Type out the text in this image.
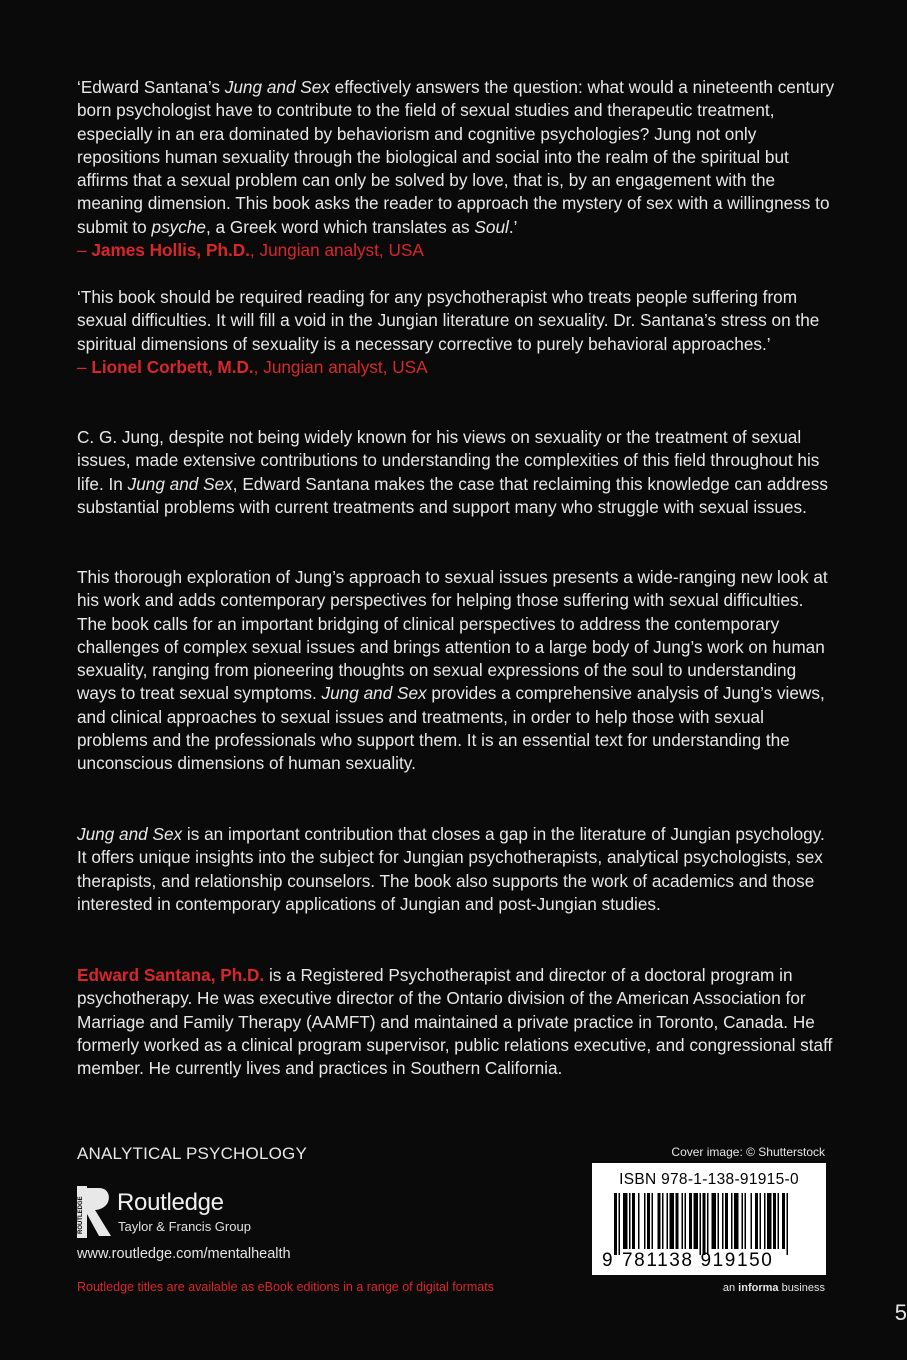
‘Edward Santana’s Jung and Sex effectively answers the question: what would a nineteenth century born psychologist have to contribute to the field of sexual studies and therapeutic treatment, especially in an era dominated by behaviorism and cognitive psychologies? Jung not only repositions human sexuality through the biological and social into the realm of the spiritual but affirms that a sexual problem can only be solved by love, that is, by an engagement with the meaning dimension. This book asks the reader to approach the mystery of sex with a willingness to submit to psyche, a Greek word which translates as Soul.’

– James Hollis, Ph.D., Jungian analyst, USA

‘This book should be required reading for any psychotherapist who treats people suffering from sexual difficulties. It will fill a void in the Jungian literature on sexuality. Dr. Santana’s stress on the spiritual dimensions of sexuality is a necessary corrective to purely behavioral approaches.’

– Lionel Corbett, M.D., Jungian analyst, USA

C. G. Jung, despite not being widely known for his views on sexuality or the treatment of sexual issues, made extensive contributions to understanding the complexities of this field throughout his life. In Jung and Sex, Edward Santana makes the case that reclaiming this knowledge can address substantial problems with current treatments and support many who struggle with sexual issues.

This thorough exploration of Jung’s approach to sexual issues presents a wide-ranging new look at his work and adds contemporary perspectives for helping those suffering with sexual difficulties. The book calls for an important bridging of clinical perspectives to address the contemporary challenges of complex sexual issues and brings attention to a large body of Jung’s work on human sexuality, ranging from pioneering thoughts on sexual expressions of the soul to understanding ways to treat sexual symptoms. Jung and Sex provides a comprehensive analysis of Jung’s views, and clinical approaches to sexual issues and treatments, in order to help those with sexual problems and the professionals who support them. It is an essential text for understanding the unconscious dimensions of human sexuality.

Jung and Sex is an important contribution that closes a gap in the literature of Jungian psychology. It offers unique insights into the subject for Jungian psychotherapists, analytical psychologists, sex therapists, and relationship counselors. The book also supports the work of academics and those interested in contemporary applications of Jungian and post-Jungian studies.

Edward Santana, Ph.D. is a Registered Psychotherapist and director of a doctoral program in psychotherapy. He was executive director of the Ontario division of the American Association for Marriage and Family Therapy (AAMFT) and maintained a private practice in Toronto, Canada. He formerly worked as a clinical program supervisor, public relations executive, and congressional staff member. He currently lives and practices in Southern California.

ANALYTICAL PSYCHOLOGY
ROUTLEDGE Routledge
Taylor & Francis Group
www.routledge.com/mentalhealth
Routledge titles are available as eBook editions in a range of digital formats
Cover image: © Shutterstock
ISBN 978-1-138-91915-0
9 781138 919150
an informa business
5
